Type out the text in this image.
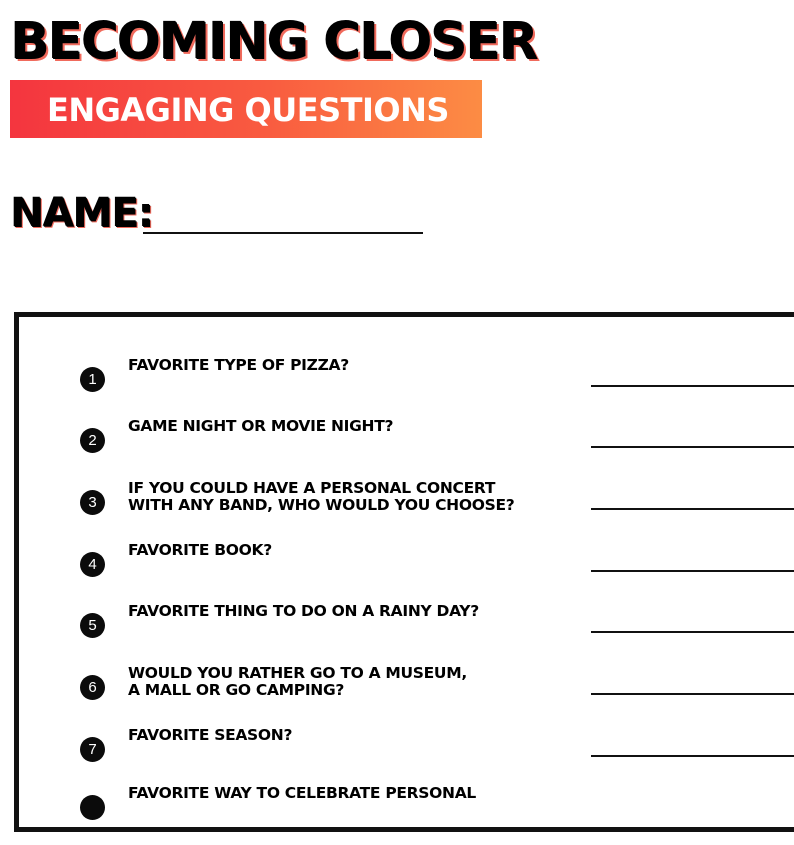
BECOMING CLOSER
ENGAGING QUESTIONS
NAME:
1
FAVORITE TYPE OF PIZZA?
2
GAME NIGHT OR MOVIE NIGHT?
3
IF YOU COULD HAVE A PERSONAL CONCERT
WITH ANY BAND, WHO WOULD YOU CHOOSE?
4
FAVORITE BOOK?
5
FAVORITE THING TO DO ON A RAINY DAY?
6
WOULD YOU RATHER GO TO A MUSEUM,
A MALL OR GO CAMPING?
7
FAVORITE SEASON?
FAVORITE WAY TO CELEBRATE PERSONAL
